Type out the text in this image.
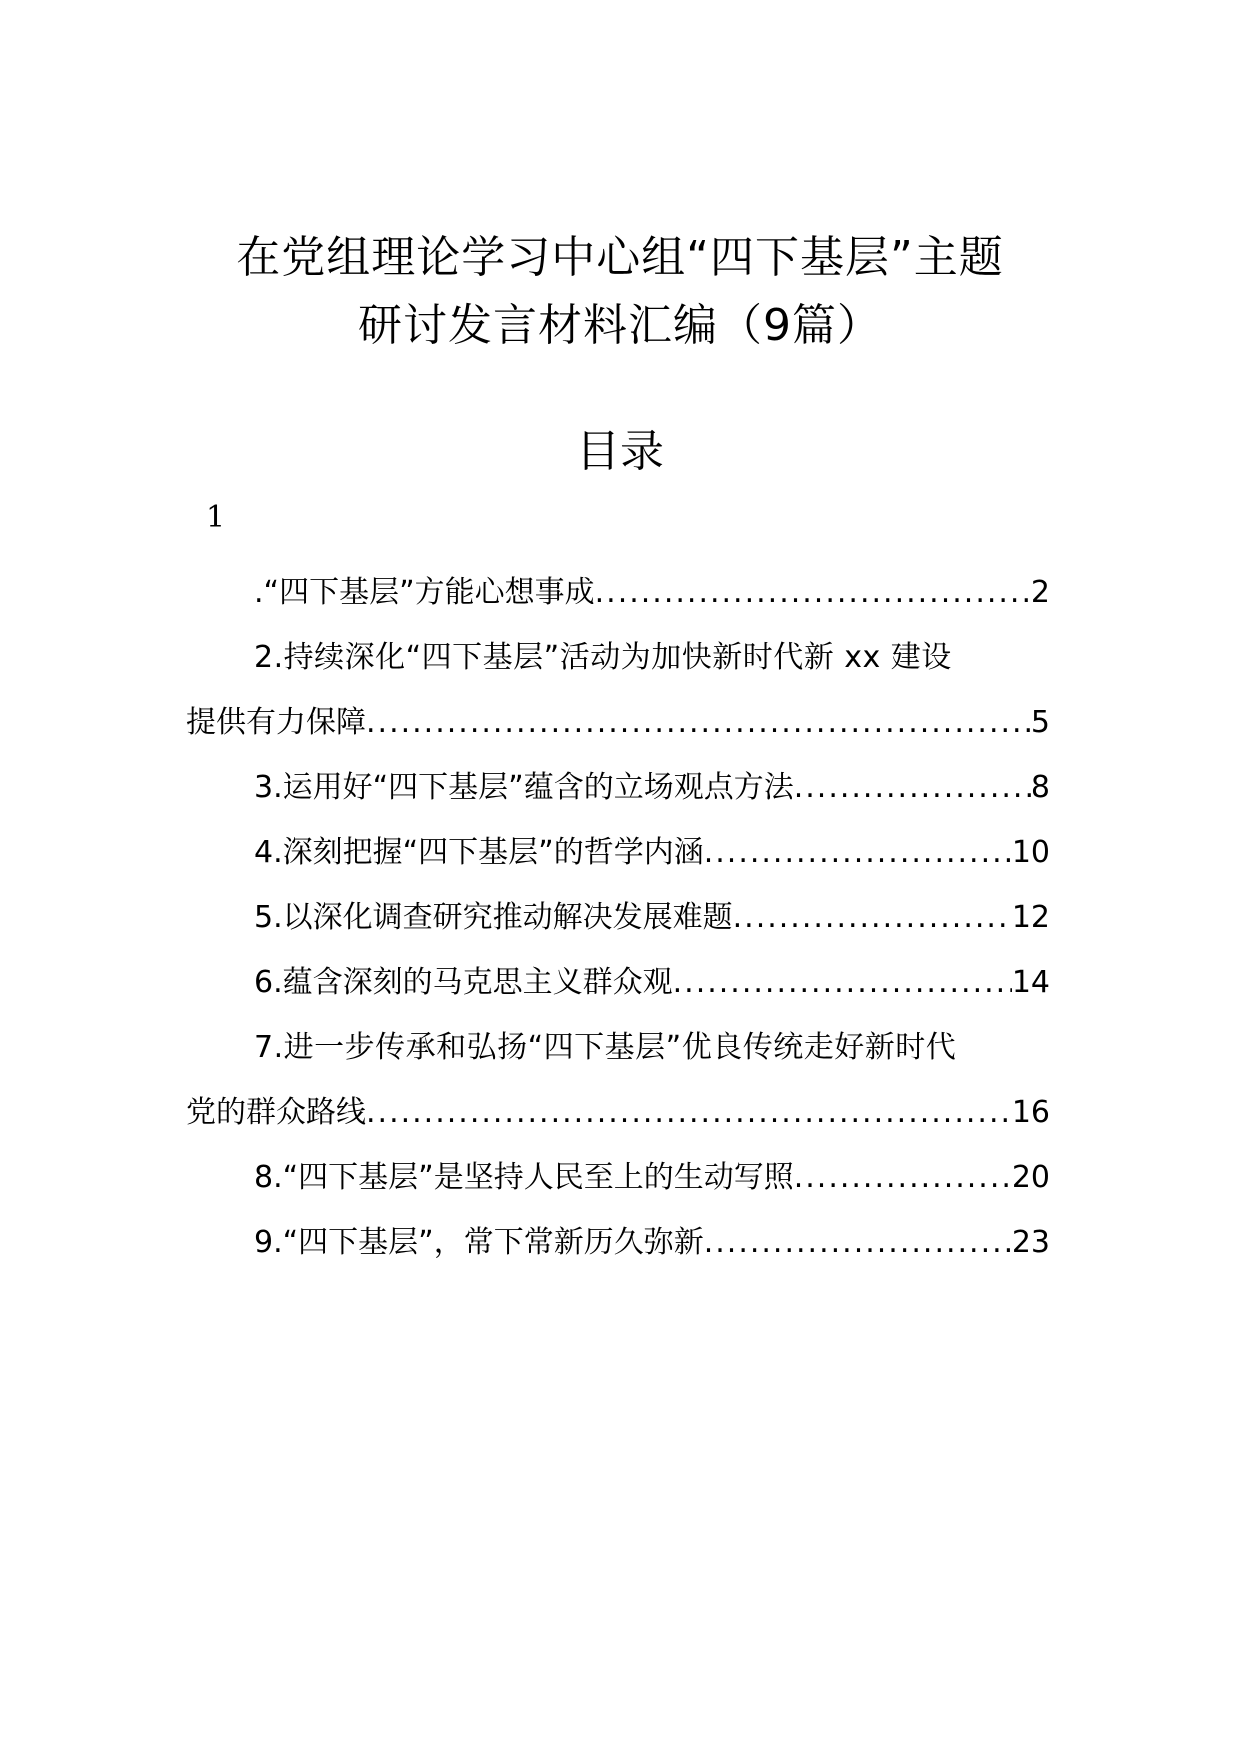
在党组理论学习中心组“四下基层”主题
研讨发言材料汇编（9篇）
目录
1
.“四下基层”方能心想事成 .....	2
2.持续深化“四下基层”活动为加快新时代新 xx 建设
提供有力保障 .....	5
3.运用好“四下基层”蕴含的立场观点方法 .....	8
4.深刻把握“四下基层”的哲学内涵 .....	10
5.以深化调查研究推动解决发展难题 .....	12
6.蕴含深刻的马克思主义群众观 .....	14
7.进一步传承和弘扬“四下基层”优良传统走好新时代
党的群众路线 .....	16
8.“四下基层”是坚持人民至上的生动写照 .....	20
9.“四下基层”，常下常新历久弥新 .....	23
